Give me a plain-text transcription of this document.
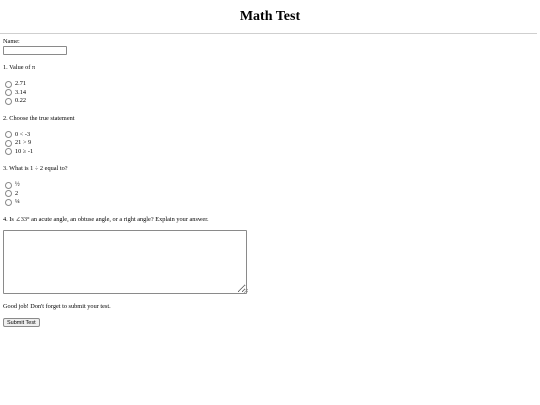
Math Test
Name:
1. Value of π
2.71
3.14
0.22
2. Choose the true statement
0 < -3
21 > 9
10 ≥ -1
3. What is 1 ÷ 2 equal to?
½
2
¼
4. Is ∠33° an acute angle, an obtuse angle, or a right angle? Explain your answer.
Good job! Don't forget to submit your test.
Submit Test
